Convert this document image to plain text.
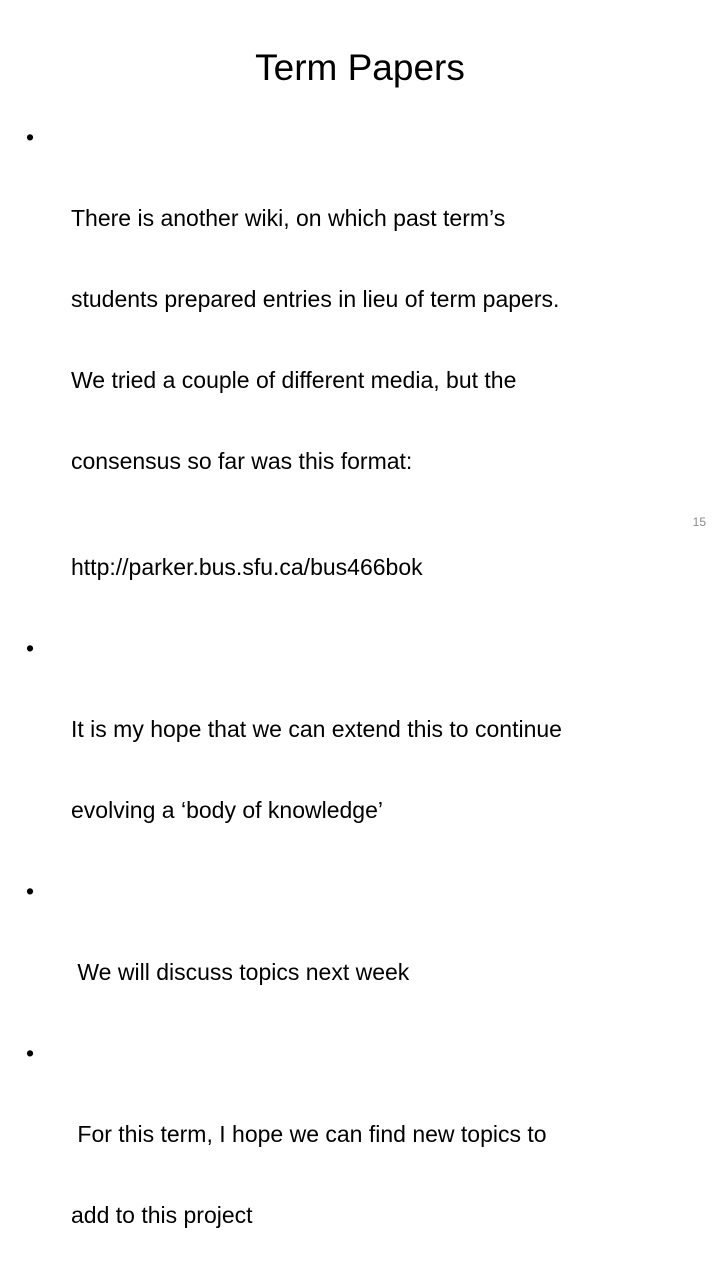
Term Papers

•

There is another wiki, on which past term’s

students prepared entries in lieu of term papers.

We tried a couple of different media, but the

consensus so far was this format:

http://parker.bus.sfu.ca/bus466bok

•

It is my hope that we can extend this to continue

evolving a ‘body of knowledge’

•

We will discuss topics next week

•

For this term, I hope we can find new topics to

add to this project

15
